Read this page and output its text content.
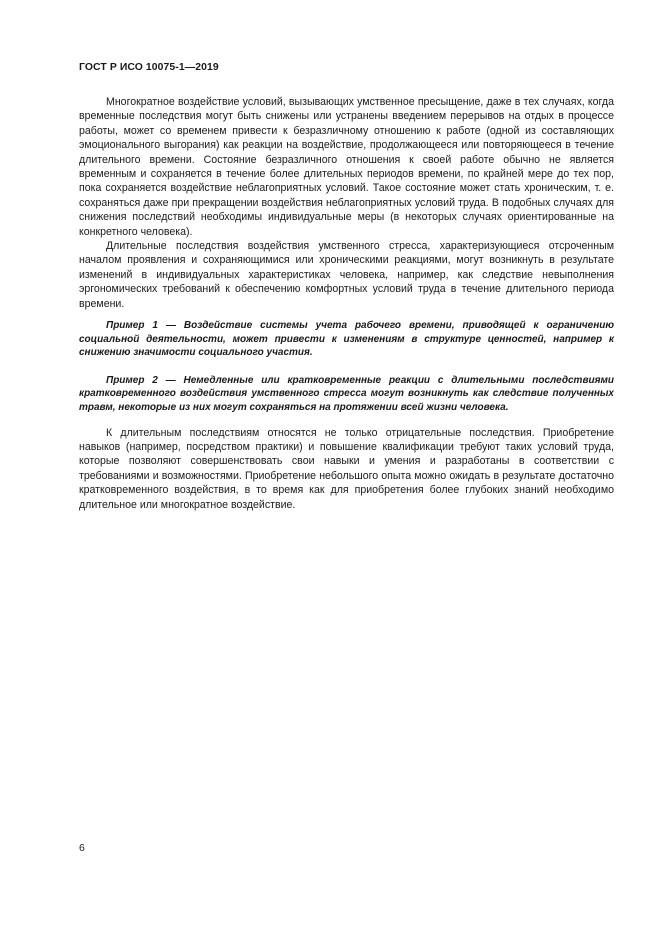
ГОСТ Р ИСО 10075-1—2019

Многократное воздействие условий, вызывающих умственное пресыщение, даже в тех случаях, когда временные последствия могут быть снижены или устранены введением перерывов на отдых в процессе работы, может со временем привести к безразличному отношению к работе (одной из составляющих эмоционального выгорания) как реакции на воздействие, продолжающееся или повторяющееся в течение длительного времени. Состояние безразличного отношения к своей работе обычно не является временным и сохраняется в течение более длительных периодов времени, по крайней мере до тех пор, пока сохраняется воздействие неблагоприятных условий. Такое состояние может стать хроническим, т. е. сохраняться даже при прекращении воздействия неблагоприятных условий труда. В подобных случаях для снижения последствий необходимы индивидуальные меры (в некоторых случаях ориентированные на конкретного человека).

Длительные последствия воздействия умственного стресса, характеризующиеся отсроченным началом проявления и сохраняющимися или хроническими реакциями, могут возникнуть в результате изменений в индивидуальных характеристиках человека, например, как следствие невыполнения эргономических требований к обеспечению комфортных условий труда в течение длительного периода времени.

Пример 1 — Воздействие системы учета рабочего времени, приводящей к ограничению социальной деятельности, может привести к изменениям в структуре ценностей, например к снижению значимости социального участия.

Пример 2 — Немедленные или кратковременные реакции с длительными последствиями кратковременного воздействия умственного стресса могут возникнуть как следствие полученных травм, некоторые из них могут сохраняться на протяжении всей жизни человека.

К длительным последствиям относятся не только отрицательные последствия. Приобретение навыков (например, посредством практики) и повышение квалификации требуют таких условий труда, которые позволяют совершенствовать свои навыки и умения и разработаны в соответствии с требованиями и возможностями. Приобретение небольшого опыта можно ожидать в результате достаточно кратковременного воздействия, в то время как для приобретения более глубоких знаний необходимо длительное или многократное воздействие.

6
